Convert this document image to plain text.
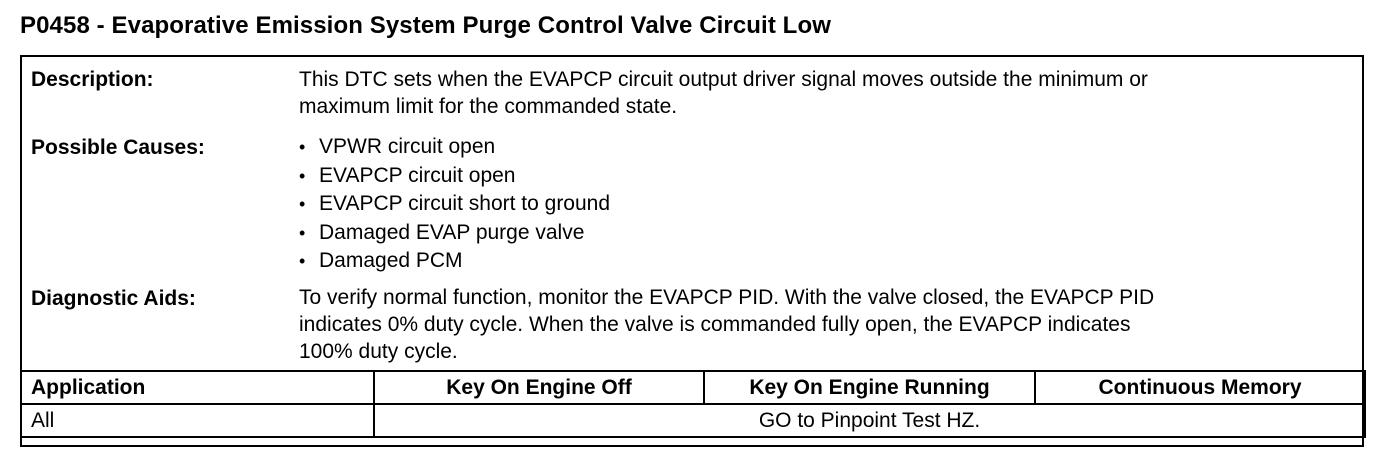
P0458 - Evaporative Emission System Purge Control Valve Circuit Low
Description:	This DTC sets when the EVAPCP circuit output driver signal moves outside the minimum or
maximum limit for the commanded state.
Possible Causes:	• VPWR circuit open
• EVAPCP circuit open
• EVAPCP circuit short to ground
• Damaged EVAP purge valve
• Damaged PCM
Diagnostic Aids:	To verify normal function, monitor the EVAPCP PID. With the valve closed, the EVAPCP PID
indicates 0% duty cycle. When the valve is commanded fully open, the EVAPCP indicates
100% duty cycle.
Application	Key On Engine Off	Key On Engine Running	Continuous Memory
All	GO to Pinpoint Test HZ.		
